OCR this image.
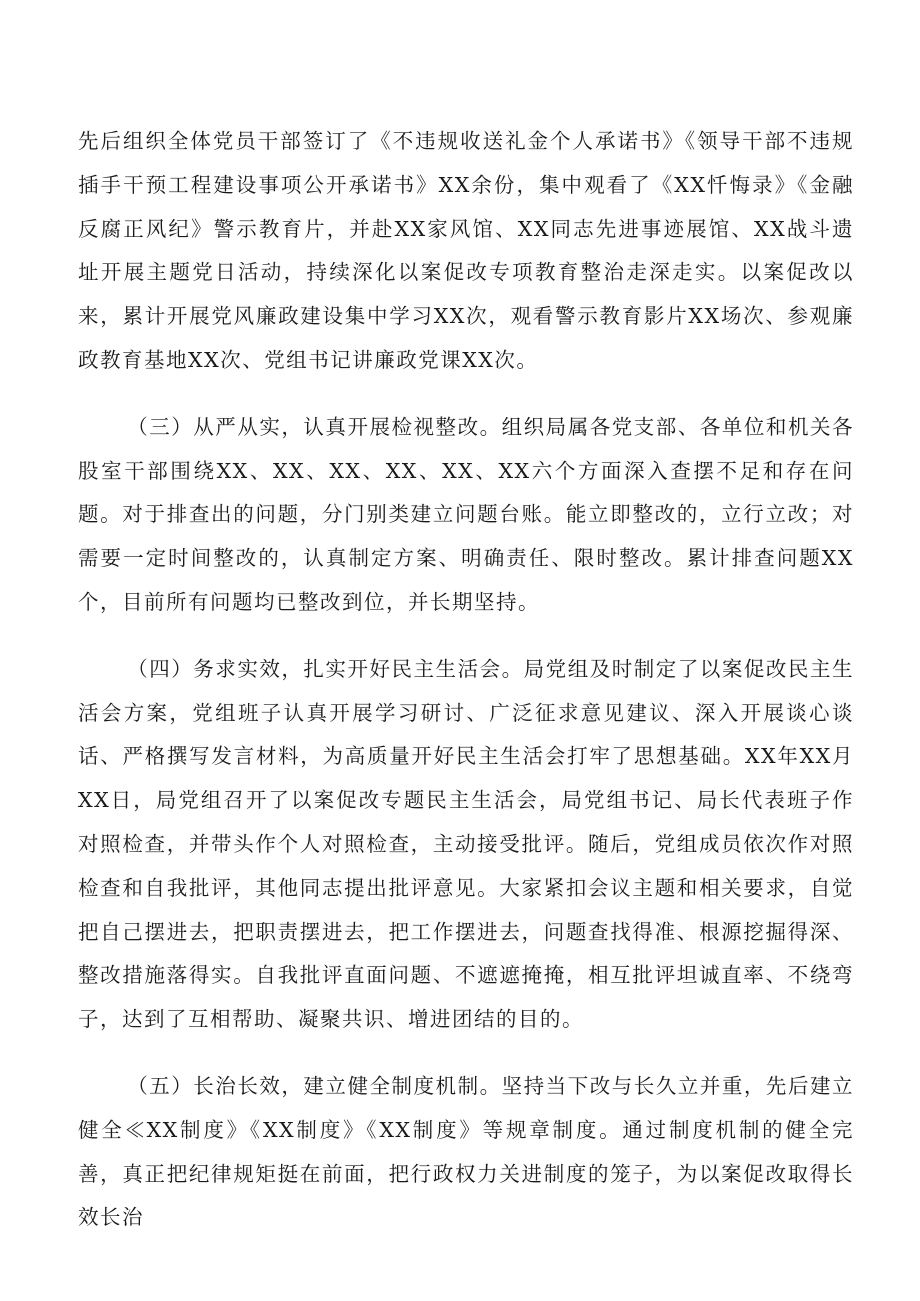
先后组织全体党员干部签订了《不违规收送礼金个人承诺书》《领导干部不违规插手干预工程建设事项公开承诺书》XX余份，集中观看了《XX忏悔录》《金融反腐正风纪》警示教育片，并赴XX家风馆、XX同志先进事迹展馆、XX战斗遗址开展主题党日活动，持续深化以案促改专项教育整治走深走实。以案促改以来，累计开展党风廉政建设集中学习XX次，观看警示教育影片XX场次、参观廉政教育基地XX次、党组书记讲廉政党课XX次。

（三）从严从实，认真开展检视整改。组织局属各党支部、各单位和机关各股室干部围绕XX、XX、XX、XX、XX、XX六个方面深入查摆不足和存在问题。对于排查出的问题，分门别类建立问题台账。能立即整改的，立行立改；对需要一定时间整改的，认真制定方案、明确责任、限时整改。累计排查问题XX个，目前所有问题均已整改到位，并长期坚持。

（四）务求实效，扎实开好民主生活会。局党组及时制定了以案促改民主生活会方案，党组班子认真开展学习研讨、广泛征求意见建议、深入开展谈心谈话、严格撰写发言材料，为高质量开好民主生活会打牢了思想基础。XX年XX月XX日，局党组召开了以案促改专题民主生活会，局党组书记、局长代表班子作对照检查，并带头作个人对照检查，主动接受批评。随后，党组成员依次作对照检查和自我批评，其他同志提出批评意见。大家紧扣会议主题和相关要求，自觉把自己摆进去，把职责摆进去，把工作摆进去，问题查找得准、根源挖掘得深、整改措施落得实。自我批评直面问题、不遮遮掩掩，相互批评坦诚直率、不绕弯子，达到了互相帮助、凝聚共识、增进团结的目的。

（五）长治长效，建立健全制度机制。坚持当下改与长久立并重，先后建立健全≪XX制度》《XX制度》《XX制度》等规章制度。通过制度机制的健全完善，真正把纪律规矩挺在前面，把行政权力关进制度的笼子，为以案促改取得长效长治
